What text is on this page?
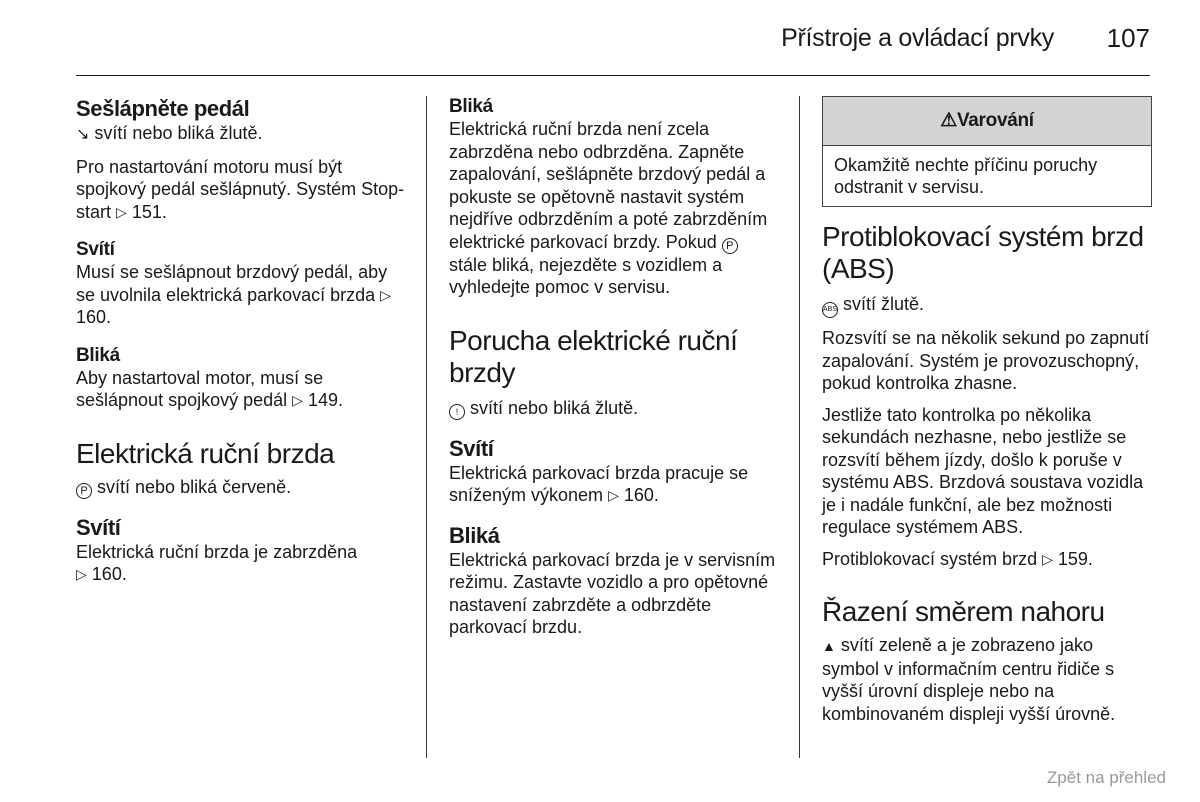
Přístroje a ovládací prvky 107
Sešlápněte pedál

↘ svítí nebo bliká žlutě.

Pro nastartování motoru musí být spojkový pedál sešlápnutý. Systém Stop-start ▷ 151.

Svítí

Musí se sešlápnout brzdový pedál, aby se uvolnila elektrická parkovací brzda ▷ 160.

Bliká

Aby nastartoval motor, musí se sešlápnout spojkový pedál ▷ 149.

Elektrická ruční brzda

P svítí nebo bliká červeně.

Svítí

Elektrická ruční brzda je zabrzděna
▷ 160.

Bliká

Elektrická ruční brzda není zcela zabrzděna nebo odbrzděna. Zapněte zapalování, sešlápněte brzdový pedál a pokuste se opětovně nastavit systém nejdříve odbrzděním a poté zabrzděním elektrické parkovací brzdy. Pokud P stále bliká, nejezděte s vozidlem a vyhledejte pomoc v servisu.

Porucha elektrické ruční brzdy

! svítí nebo bliká žlutě.

Svítí

Elektrická parkovací brzda pracuje se sníženým výkonem ▷ 160.

Bliká

Elektrická parkovací brzda je v servisním režimu. Zastavte vozidlo a pro opětovné nastavení zabrzděte a odbrzděte parkovací brzdu.

⚠Varování
Okamžitě nechte příčinu poruchy odstranit v servisu.
Protiblokovací systém brzd (ABS)

ABS svítí žlutě.

Rozsvítí se na několik sekund po zapnutí zapalování. Systém je provozuschopný, pokud kontrolka zhasne.

Jestliže tato kontrolka po několika sekundách nezhasne, nebo jestliže se rozsvítí během jízdy, došlo k poruše v systému ABS. Brzdová soustava vozidla je i nadále funkční, ale bez možnosti regulace systémem ABS.

Protiblokovací systém brzd ▷ 159.

Řazení směrem nahoru

▲ svítí zeleně a je zobrazeno jako symbol v informačním centru řidiče s vyšší úrovní displeje nebo na kombinovaném displeji vyšší úrovně.

Zpět na přehled
